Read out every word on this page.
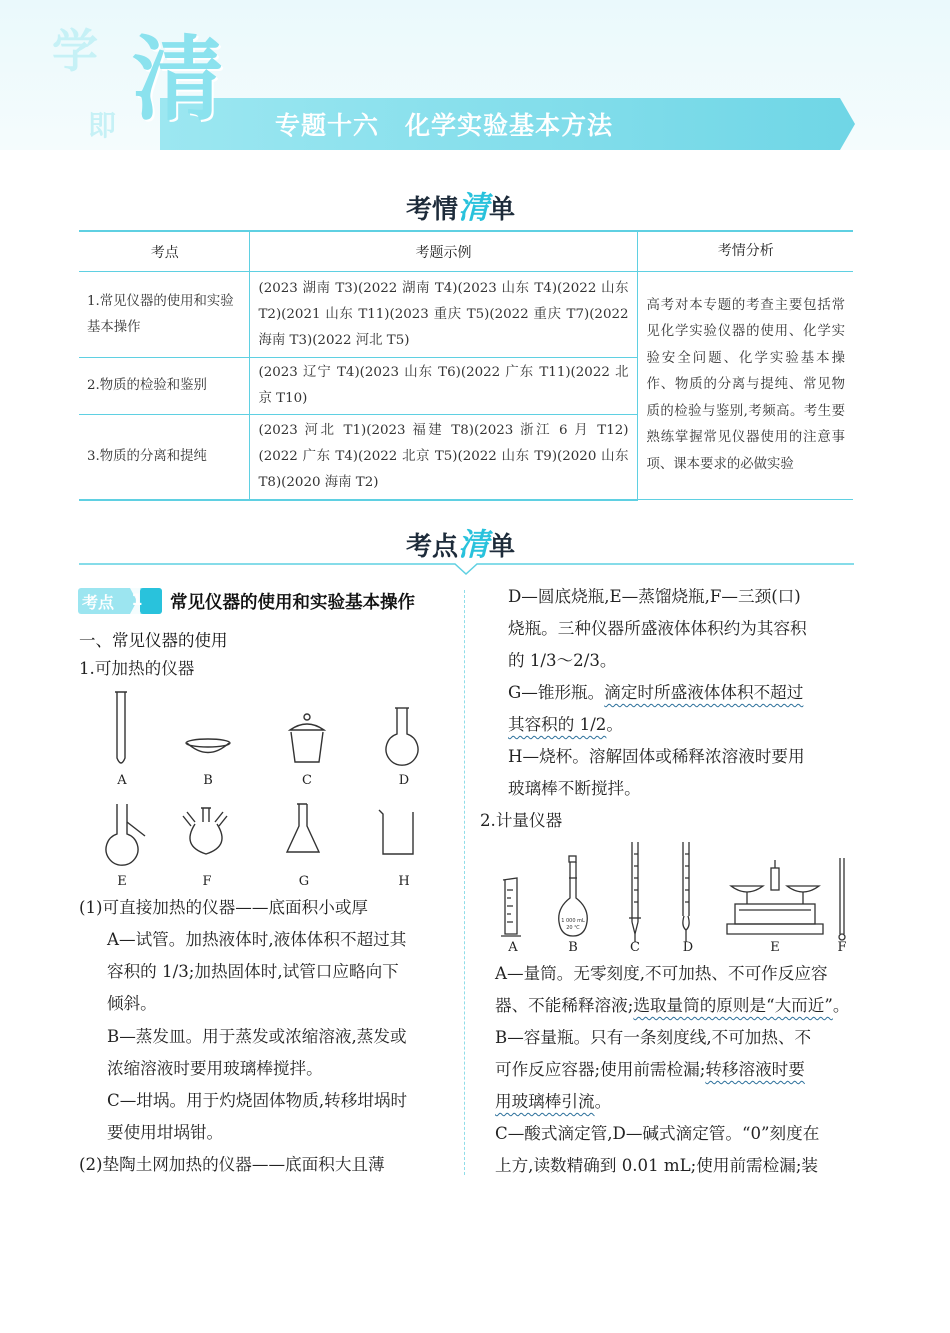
学
即 清 专题十六　化学实验基本方法
考情清单
考点	考题示例	考情分析
1.常见仪器的使用和实验基本操作	(2023 湖南 T3)(2022 湖南 T4)(2023 山东 T4)(2022 山东 T2)(2021 山东 T11)(2023 重庆 T5)(2022 重庆 T7)(2022 海南 T3)(2022 河北 T5)	高考对本专题的考查主要包括常见化学实验仪器的使用、化学实验安全问题、化学实验基本操作、物质的分离与提纯、常见物质的检验与鉴别,考频高。考生要熟练掌握常见仪器使用的注意事项、课本要求的必做实验
2.物质的检验和鉴别	(2023 辽宁 T4)(2023 山东 T6)(2022 广东 T11)(2022 北京 T10)	
3.物质的分离和提纯	(2023 河北 T1)(2023 福建 T8)(2023 浙江 6 月 T12)(2022 广东 T4)(2022 北京 T5)(2022 山东 T9)(2020 山东 T8)(2020 海南 T2)	
考点清单
考点	1 常见仪器的使用和实验基本操作
一、常见仪器的使用
1.可加热的仪器
A	B	C	D
E	F	G	H
(1)可直接加热的仪器——底面积小或厚
A—试管。加热液体时,液体体积不超过其
容积的 1/3;加热固体时,试管口应略向下
倾斜。
B—蒸发皿。用于蒸发或浓缩溶液,蒸发或
浓缩溶液时要用玻璃棒搅拌。
C—坩埚。用于灼烧固体物质,转移坩埚时
要使用坩埚钳。
(2)垫陶土网加热的仪器——底面积大且薄
D—圆底烧瓶,E—蒸馏烧瓶,F—三颈(口)
烧瓶。三种仪器所盛液体体积约为其容积
的 1/3～2/3。
G—锥形瓶。滴定时所盛液体体积不超过
其容积的 1/2。
H—烧杯。溶解固体或稀释浓溶液时要用
玻璃棒不断搅拌。
2.计量仪器
1 000 mL
20 ℃
A	B	C	D	E	F
A—量筒。无零刻度,不可加热、不可作反应容
器、不能稀释溶液;选取量筒的原则是“大而近”。
B—容量瓶。只有一条刻度线,不可加热、不
可作反应容器;使用前需检漏;转移溶液时要
用玻璃棒引流。
C—酸式滴定管,D—碱式滴定管。“0”刻度在
上方,读数精确到 0.01 mL;使用前需检漏;装
